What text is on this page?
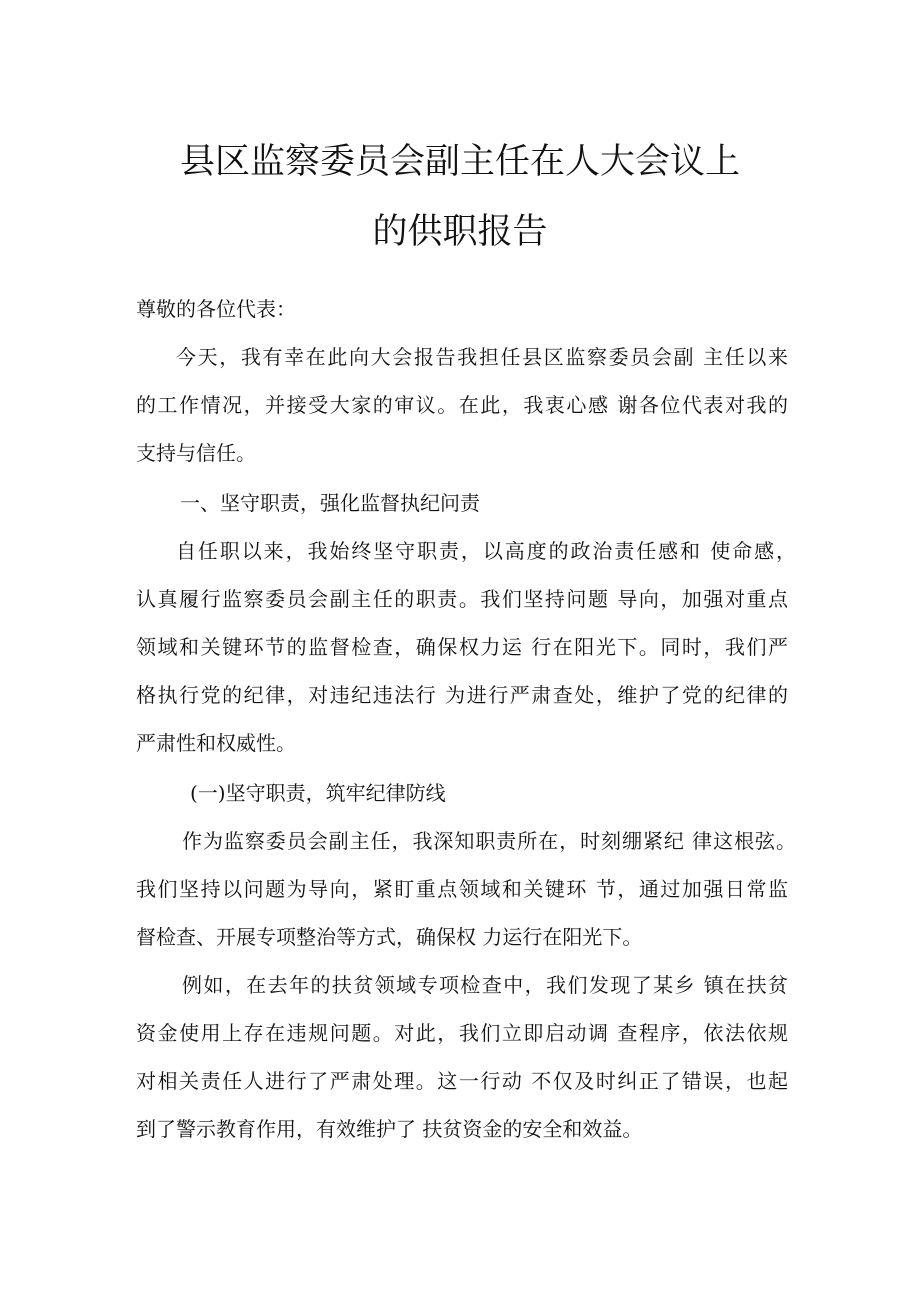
县区监察委员会副主任在人大会议上
的供职报告
尊敬的各位代表：
今天，我有幸在此向大会报告我担任县区监察委员会副 主任以来
的工作情况，并接受大家的审议。在此，我衷心感 谢各位代表对我的
支持与信任。
一、坚守职责，强化监督执纪问责
自任职以来，我始终坚守职责，以高度的政治责任感和 使命感，
认真履行监察委员会副主任的职责。我们坚持问题 导向，加强对重点
领域和关键环节的监督检查，确保权力运 行在阳光下。同时，我们严
格执行党的纪律，对违纪违法行 为进行严肃查处，维护了党的纪律的
严肃性和权威性。
(一)坚守职责，筑牢纪律防线
作为监察委员会副主任，我深知职责所在，时刻绷紧纪 律这根弦。
我们坚持以问题为导向，紧盯重点领域和关键环 节，通过加强日常监
督检查、开展专项整治等方式，确保权 力运行在阳光下。
例如，在去年的扶贫领域专项检查中，我们发现了某乡 镇在扶贫
资金使用上存在违规问题。对此，我们立即启动调 查程序，依法依规
对相关责任人进行了严肃处理。这一行动 不仅及时纠正了错误，也起
到了警示教育作用，有效维护了 扶贫资金的安全和效益。
